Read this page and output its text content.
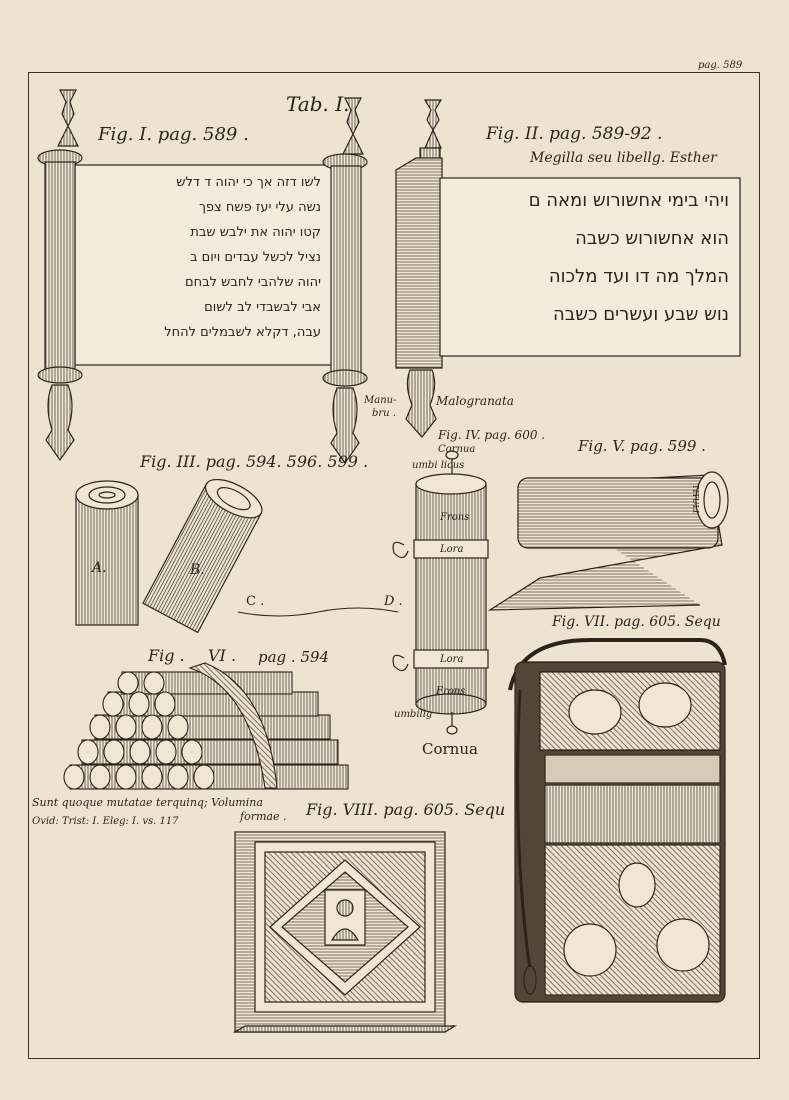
pag. 589
Tab. I.
Fig. I. pag. 589 .
לשו דזה אך כי יהוה ד דלש
נשה עלי יעז פשח צפך
קטו יהוה את ילבש שבת
נציל לכשל עבדים ויום ב
יהוה שלהבי לחבש לבחם
אבי לבשבדי לב לשום
עבה, דקלא לשבמלים להחל
Fig. II. pag. 589-92 .
Megilla seu libellg. Esther
ויהי בימי אחשורוש ומאה ם
הוא אחשורוש כשבה
המלך מה דו ועד מלכוה
נוש שבע ועשרים כשבה
Manu-
bru .
Malogranata
Fig. III. pag. 594. 596. 599 .
A.	B.
C .	D .
Fig. IV. pag. 600 .
Cornua
umbi licus
Frons
Lora
Lora
Frons
umbilig
Cornua
Fig. V. pag. 599 .
TITULI
Fig . VI . pag . 594
Fig. VII. pag. 605. Sequ
Fig. VIII. pag. 605. Sequ
Sunt quoque mutatae terquinq; Volumina
Ovid: Trist: I. Eleg: I. vs. 117	formae .
